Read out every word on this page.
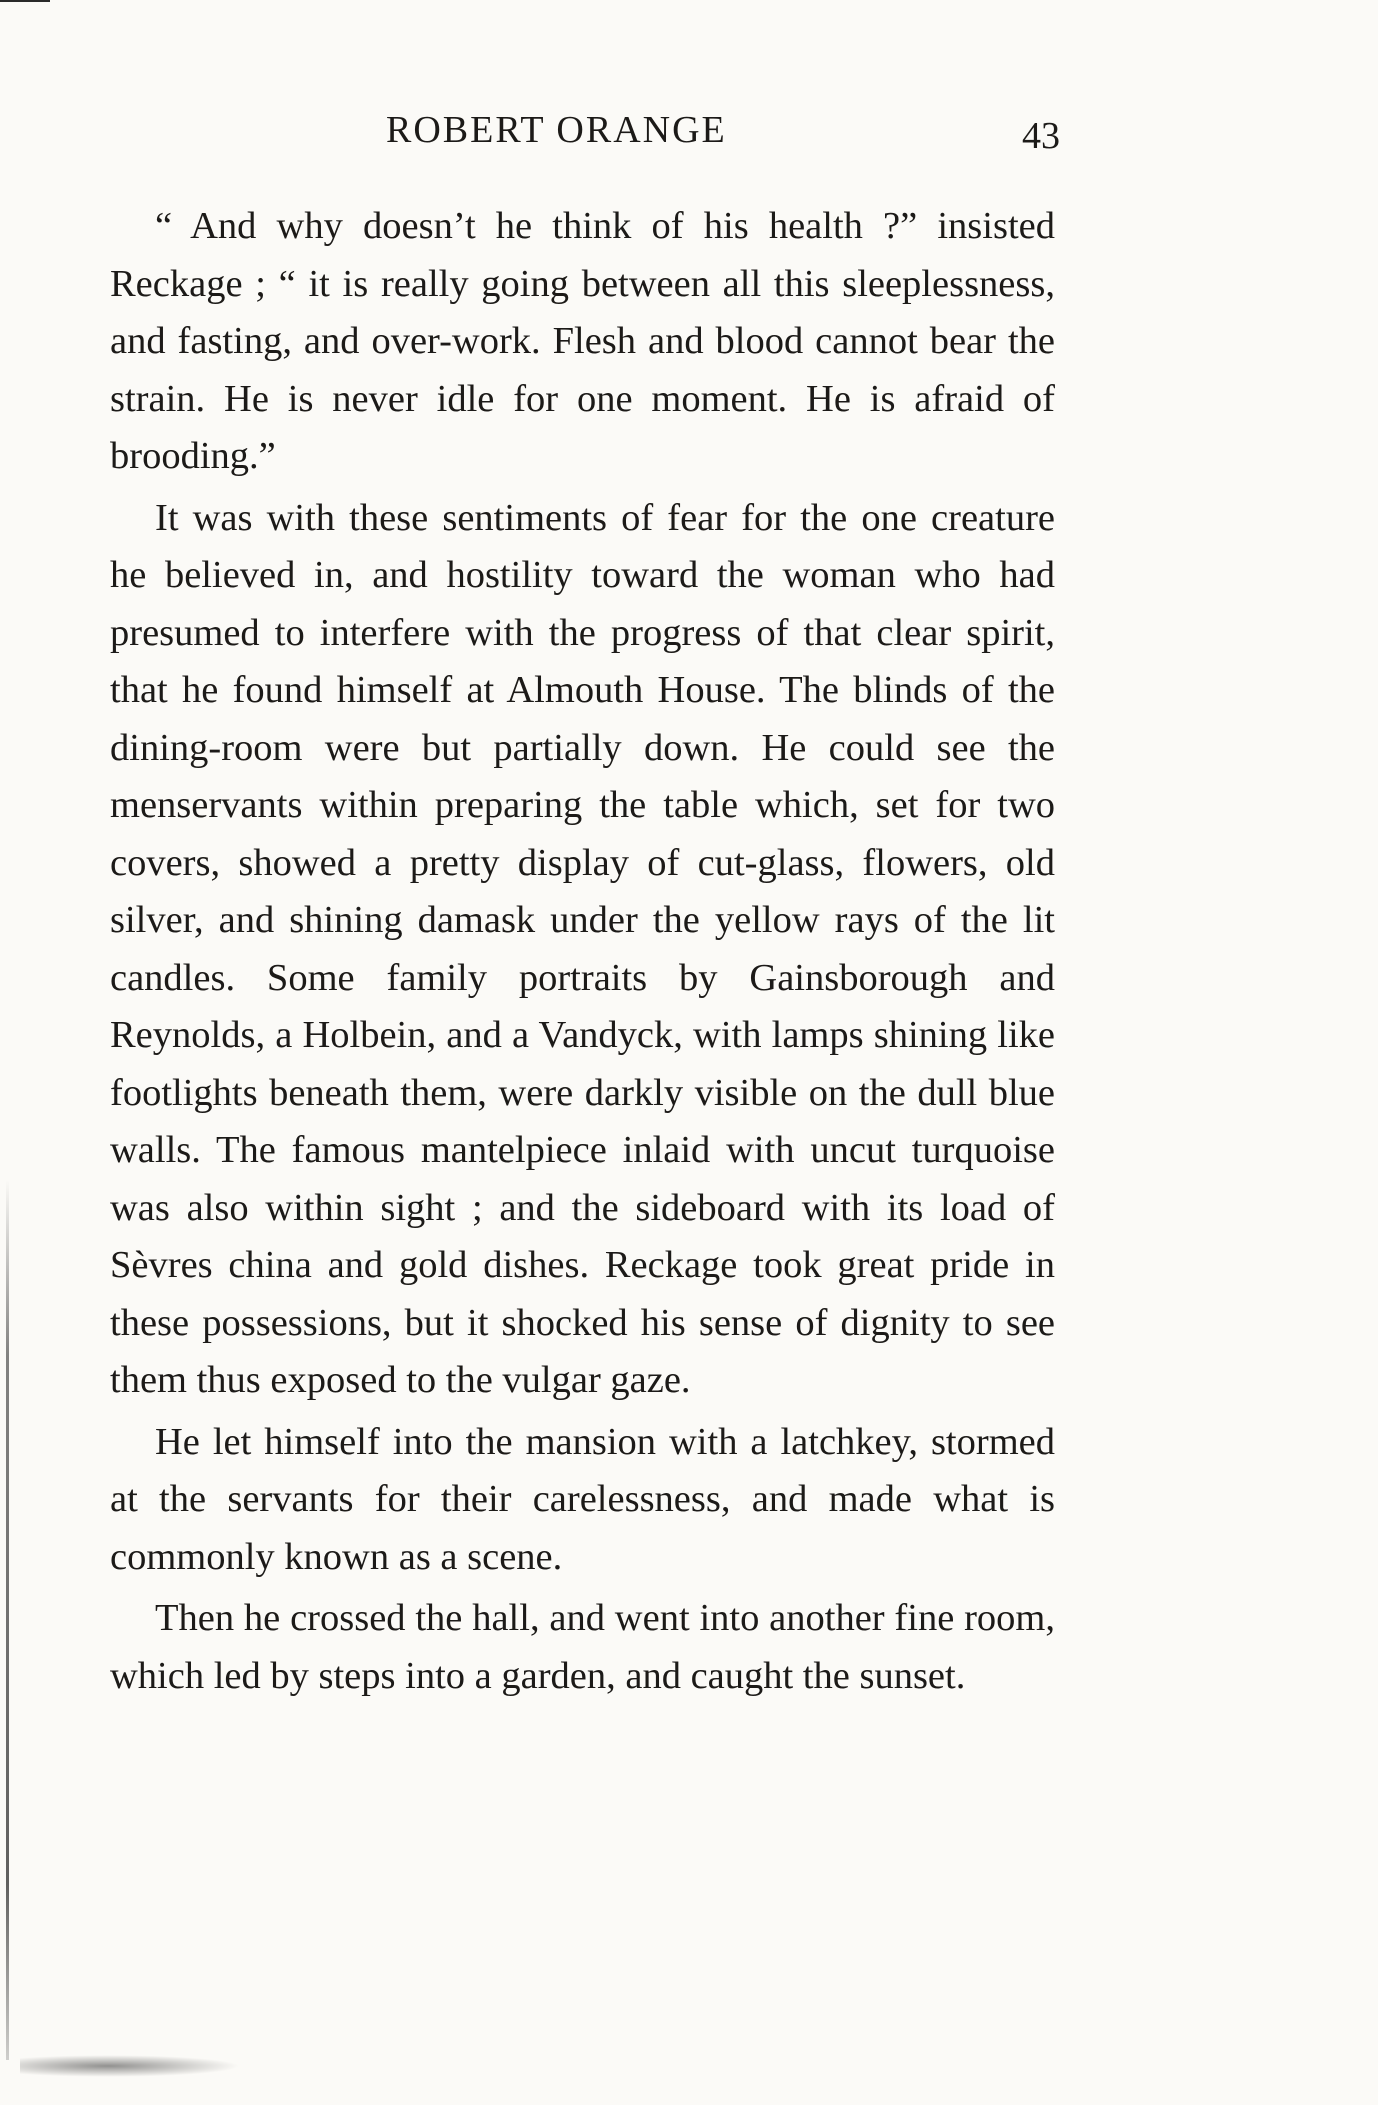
ROBERT ORANGE	43

“ And why doesn’t he think of his health ?” insisted Reckage ; “ it is really going between all this sleeplessness, and fasting, and over-work. Flesh and blood cannot bear the strain. He is never idle for one moment. He is afraid of brooding.”

It was with these sentiments of fear for the one creature he believed in, and hostility toward the woman who had presumed to interfere with the progress of that clear spirit, that he found himself at Almouth House. The blinds of the dining-room were but partially down. He could see the menservants within preparing the table which, set for two covers, showed a pretty display of cut-glass, flowers, old silver, and shining damask under the yellow rays of the lit candles. Some family portraits by Gainsborough and Reynolds, a Holbein, and a Vandyck, with lamps shining like footlights beneath them, were darkly visible on the dull blue walls. The famous mantelpiece inlaid with uncut turquoise was also within sight ; and the sideboard with its load of Sèvres china and gold dishes. Reckage took great pride in these possessions, but it shocked his sense of dignity to see them thus exposed to the vulgar gaze.

He let himself into the mansion with a latchkey, stormed at the servants for their carelessness, and made what is commonly known as a scene.

Then he crossed the hall, and went into another fine room, which led by steps into a garden, and caught the sunset.
